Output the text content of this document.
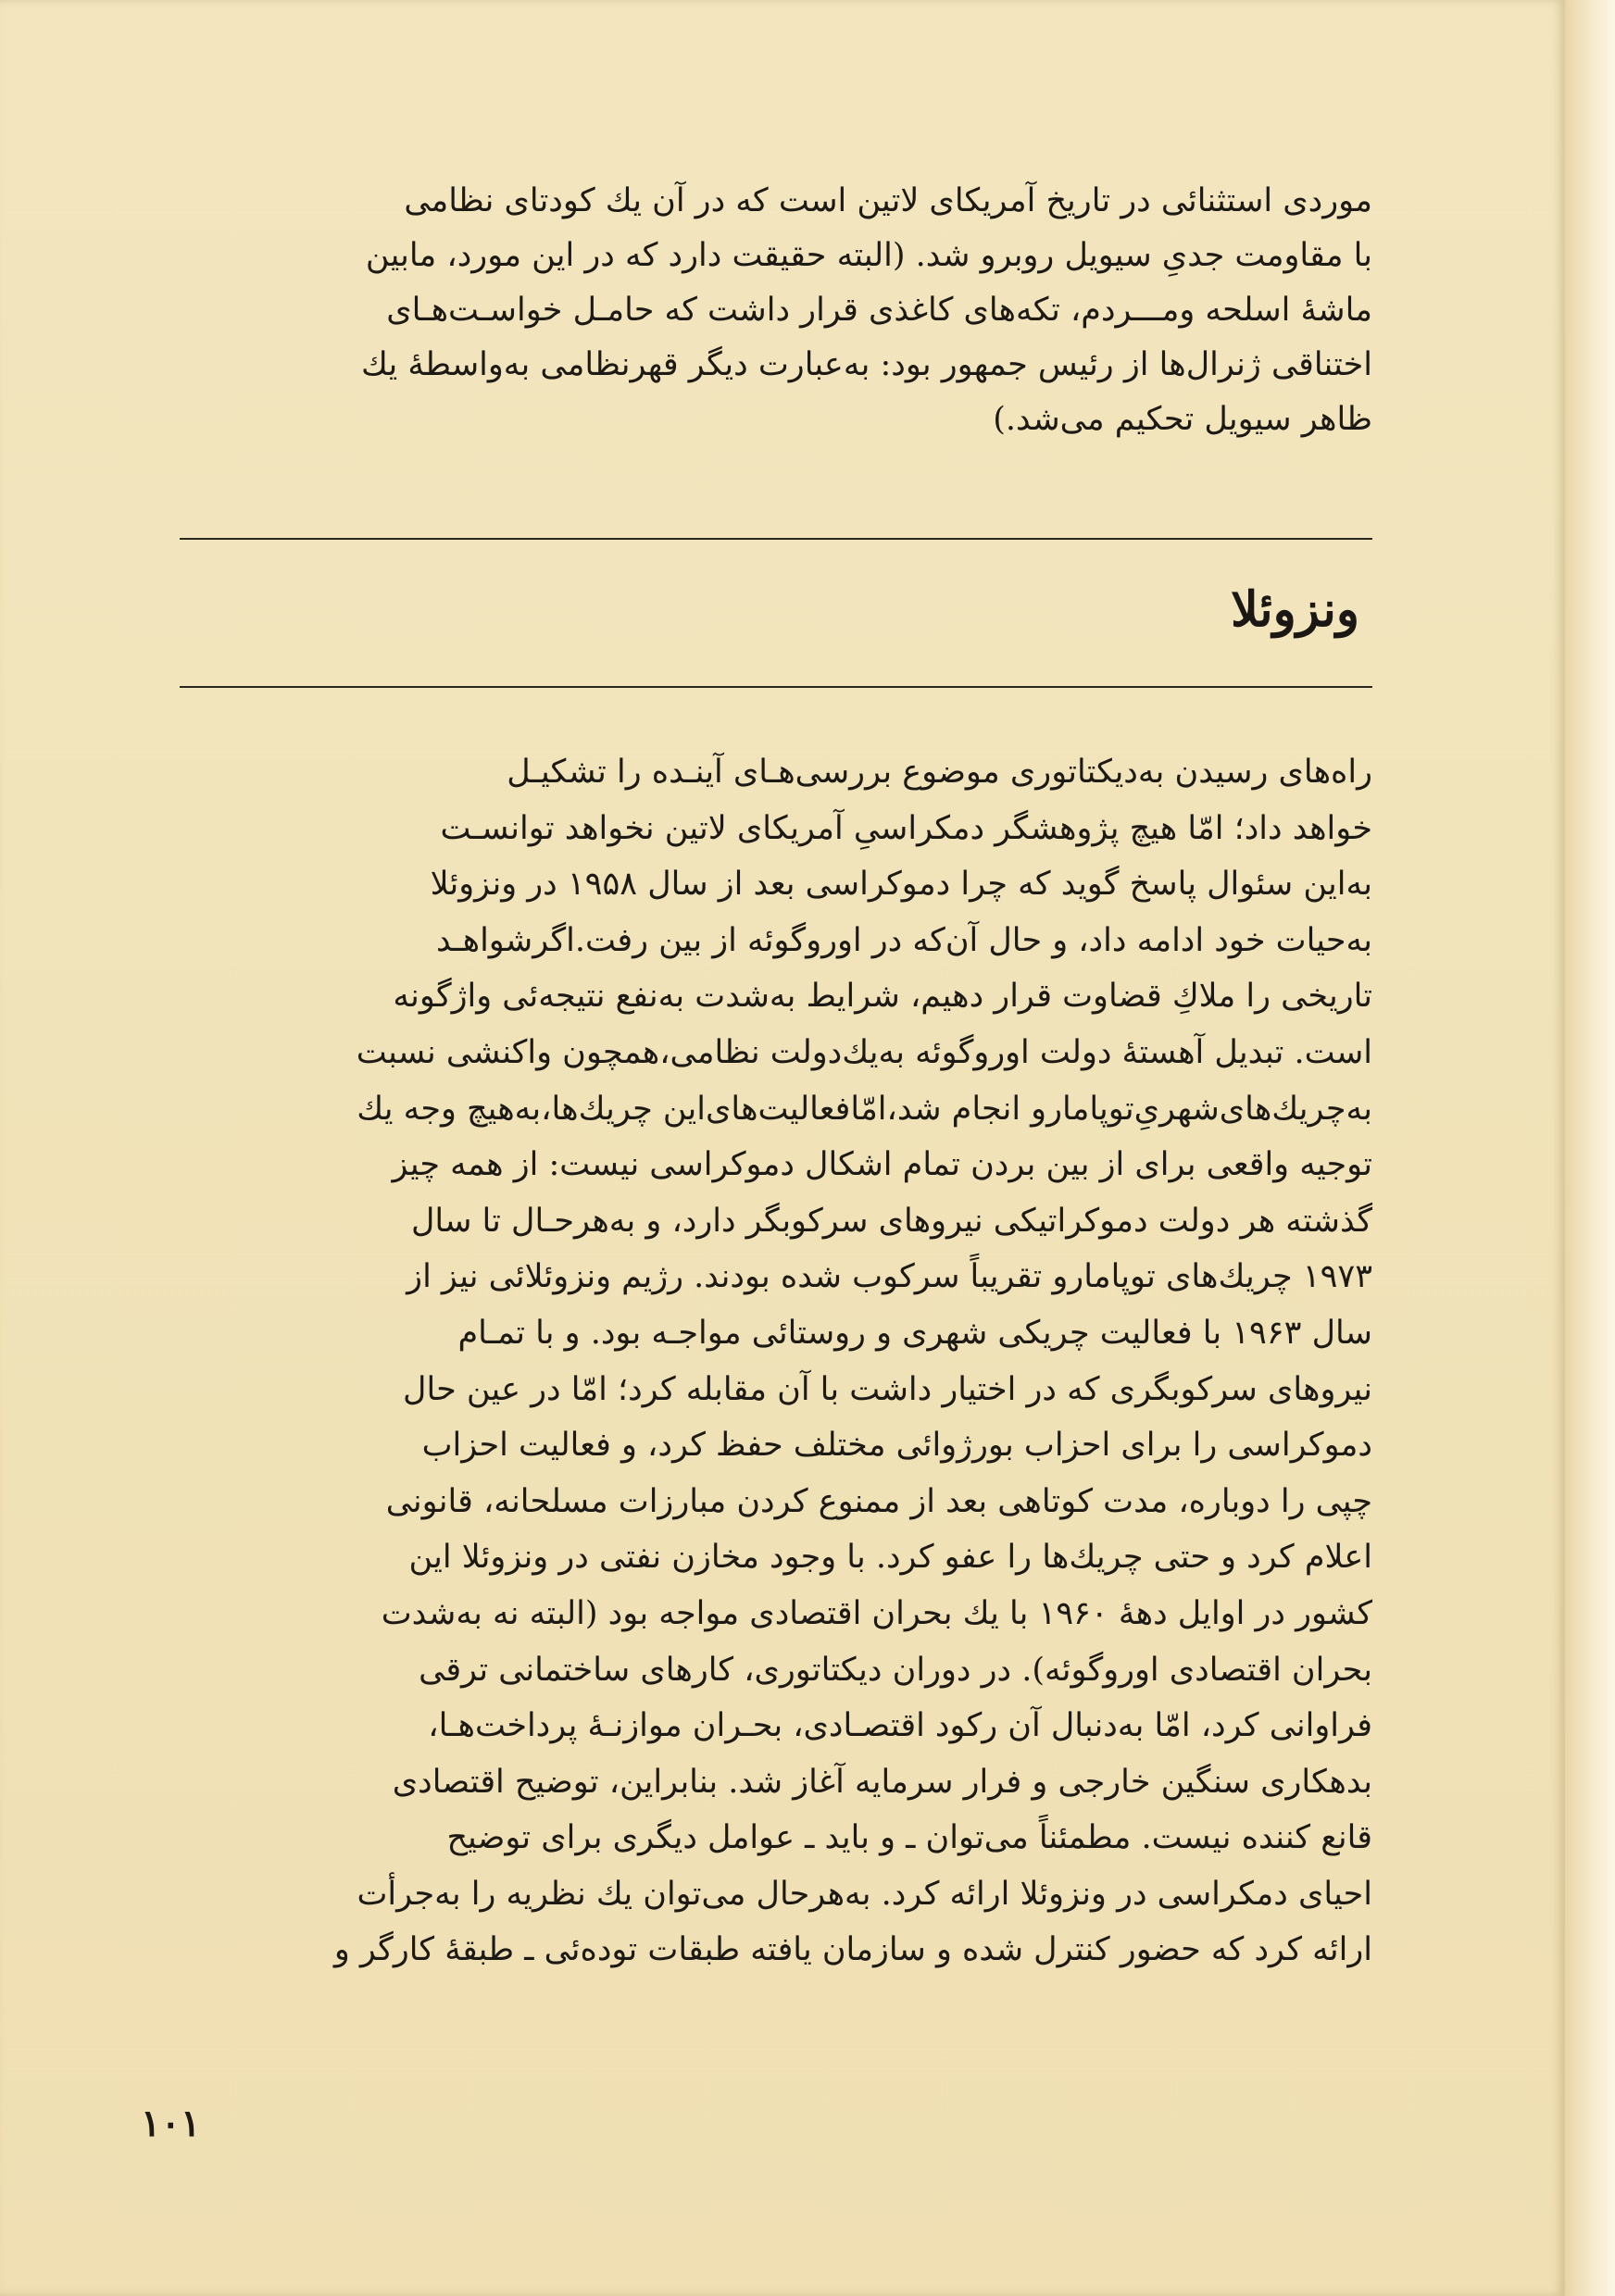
موردی استثنائی در تاریخ آمریکای لاتین است که در آن یك کودتای نظامی
با مقاومت جدیِ سیویل روبرو شد. (البته حقیقت دارد که در این مورد، مابین
ماشهٔ اسلحه ومـــردم، تکه‌های کاغذی قرار داشت که حامـل خواسـت‌هـای
اختناقی ژنرال‌ها از رئیس جمهور بود: به‌عبارت دیگر قهرنظامی به‌واسطهٔ یك
ظاهر سیویل تحکیم می‌شد.)
ونزوئلا
راه‌های رسیدن به‌دیکتاتوری موضوع بررسی‌هـای آینـده را تشکیـل
خواهد داد؛ امّا هیچ پژوهشگر دمکراسیِ آمریکای لاتین نخواهد توانسـت
به‌این سئوال پاسخ گوید که چرا دموکراسی بعد از سال ۱۹۵۸ در ونزوئلا
به‌حیات خود ادامه داد، و حال آن‌که در اوروگوئه از بین رفت.اگرشواهـد
تاریخی را ملاكِ قضاوت قرار دهیم، شرایط به‌شدت به‌نفع نتیجه‌ئی واژگونه
است. تبدیل آهستهٔ دولت اوروگوئه به‌یك‌دولت نظامی،همچون واکنشی نسبت
به‌چریك‌های‌شهریِ‌توپامارو انجام شد،امّافعالیت‌های‌این چریك‌ها،به‌هیچ وجه یك
توجیه واقعی برای از بین بردن تمام اشکال دموکراسی نیست: از همه چیز
گذشته هر دولت دموکراتیکی نیروهای سرکوبگر دارد، و به‌هرحـال تا سال
۱۹۷۳ چریك‌های توپامارو تقریباً سرکوب شده بودند. رژیم ونزوئلائی نیز از
سال ۱۹۶۳ با فعالیت چریکی شهری و روستائی مواجـه بود. و با تمـام
نیروهای سرکوبگری که در اختیار داشت با آن مقابله کرد؛ امّا در عین حال
دموکراسی را برای احزاب بورژوائی مختلف حفظ کرد، و فعالیت احزاب
چپی را دوباره، مدت کوتاهی بعد از ممنوع کردن مبارزات مسلحانه، قانونی
اعلام کرد و حتی چریك‌ها را عفو کرد. با وجود مخازن نفتی در ونزوئلا این
کشور در اوایل دههٔ ۱۹۶۰ با یك بحران اقتصادی مواجه بود (البته نه به‌شدت
بحران اقتصادی اوروگوئه). در دوران دیکتاتوری، کارهای ساختمانی ترقی
فراوانی کرد، امّا به‌دنبال آن رکود اقتصـادی، بحـران موازنـهٔ پرداخت‌هـا،
بدهکاری سنگین خارجی و فرار سرمایه آغاز شد. بنابراین، توضیح اقتصادی
قانع کننده نیست. مطمئناً می‌توان ـ و باید ـ عوامل دیگری برای توضیح
احیای دمکراسی در ونزوئلا ارائه کرد. به‌هرحال می‌توان یك نظریه را به‌جرأت
ارائه کرد که حضور کنترل شده و سازمان یافته طبقات توده‌ئی ـ طبقهٔ کارگر و
۱۰۱
